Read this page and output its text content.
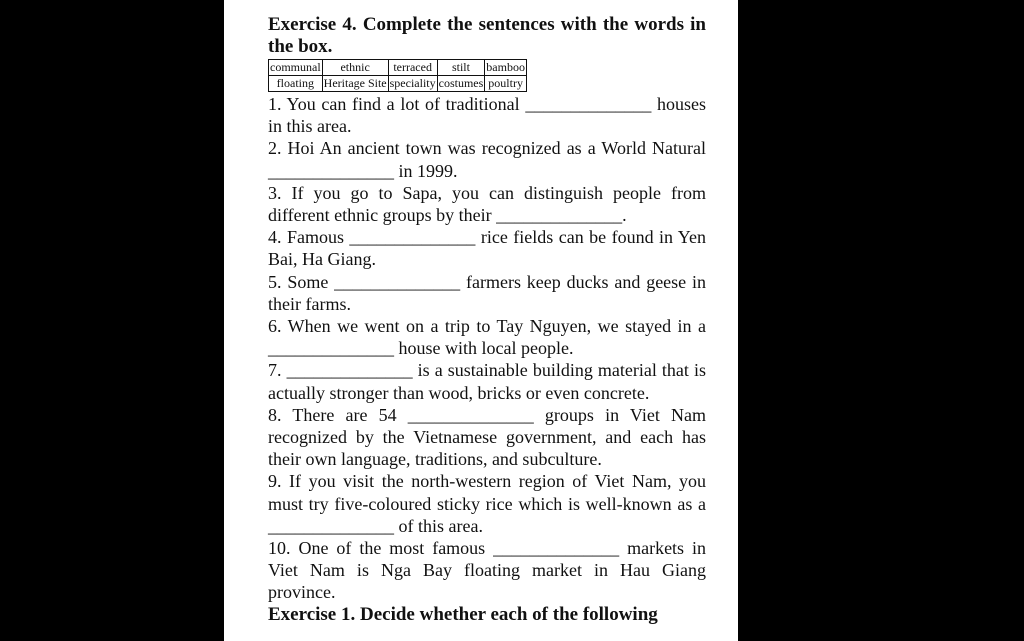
Exercise 4. Complete the sentences with the words in the box.

communal	ethnic	terraced	stilt	bamboo
floating	Heritage Site	speciality	costumes	poultry

1. You can find a lot of traditional ______________ houses in this area.

2. Hoi An ancient town was recognized as a World Natural ______________ in 1999.

3. If you go to Sapa, you can distinguish people from different ethnic groups by their ______________.

4. Famous ______________ rice fields can be found in Yen Bai, Ha Giang.

5. Some ______________ farmers keep ducks and geese in their farms.

6. When we went on a trip to Tay Nguyen, we stayed in a ______________ house with local people.

7. ______________ is a sustainable building material that is actually stronger than wood, bricks or even concrete.

8. There are 54 ______________ groups in Viet Nam recognized by the Vietnamese government, and each has their own language, traditions, and subculture.

9. If you visit the north-western region of Viet Nam, you must try five-coloured sticky rice which is well-known as a ______________ of this area.

10. One of the most famous ______________ markets in Viet Nam is Nga Bay floating market in Hau Giang province.

Exercise 1. Decide whether each of the following
